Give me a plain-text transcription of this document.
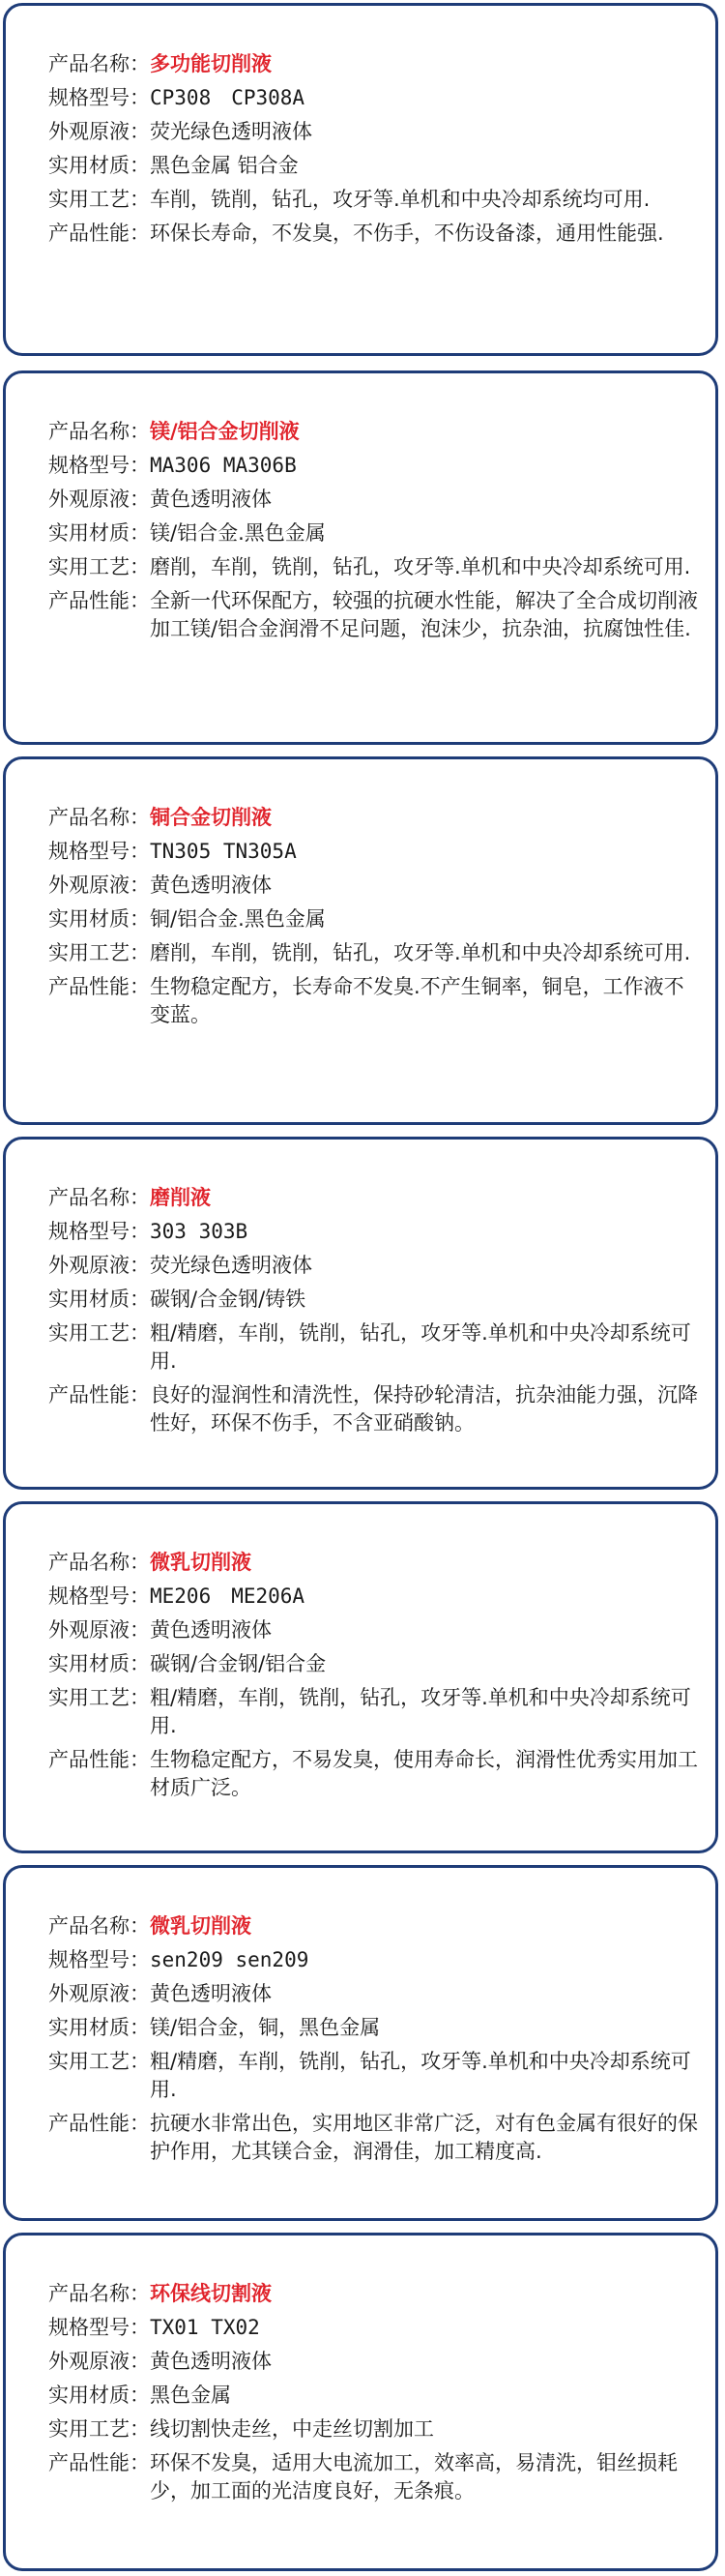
产品名称： 多功能切削液
规格型号： CP308　CP308A
外观原液： 荧光绿色透明液体
实用材质： 黑色金属 铝合金
实用工艺： 车削，铣削，钻孔，攻牙等.单机和中央冷却系统均可用.
产品性能： 环保长寿命，不发臭，不伤手，不伤设备漆，通用性能强.
产品名称： 镁/铝合金切削液
规格型号： MA306 MA306B
外观原液： 黄色透明液体
实用材质： 镁/铝合金.黑色金属
实用工艺： 磨削，车削，铣削，钻孔，攻牙等.单机和中央冷却系统可用.
产品性能： 全新一代环保配方，较强的抗硬水性能，解决了全合成切削液加工镁/铝合金润滑不足问题，泡沫少，抗杂油，抗腐蚀性佳.
产品名称： 铜合金切削液
规格型号： TN305 TN305A
外观原液： 黄色透明液体
实用材质： 铜/铝合金.黑色金属
实用工艺： 磨削，车削，铣削，钻孔，攻牙等.单机和中央冷却系统可用.
产品性能： 生物稳定配方，长寿命不发臭.不产生铜率，铜皂，工作液不变蓝。
产品名称： 磨削液
规格型号： 303 303B
外观原液： 荧光绿色透明液体
实用材质： 碳钢/合金钢/铸铁
实用工艺： 粗/精磨，车削，铣削，钻孔，攻牙等.单机和中央冷却系统可用.
产品性能： 良好的湿润性和清洗性，保持砂轮清洁，抗杂油能力强，沉降性好，环保不伤手，不含亚硝酸钠。
产品名称： 微乳切削液
规格型号： ME206　ME206A
外观原液： 黄色透明液体
实用材质： 碳钢/合金钢/铝合金
实用工艺： 粗/精磨，车削，铣削，钻孔，攻牙等.单机和中央冷却系统可用.
产品性能： 生物稳定配方，不易发臭，使用寿命长，润滑性优秀实用加工材质广泛。
产品名称： 微乳切削液
规格型号： sen209 sen209
外观原液： 黄色透明液体
实用材质： 镁/铝合金，铜，黑色金属
实用工艺： 粗/精磨，车削，铣削，钻孔，攻牙等.单机和中央冷却系统可用.
产品性能： 抗硬水非常出色，实用地区非常广泛，对有色金属有很好的保护作用，尤其镁合金，润滑佳，加工精度高.
产品名称： 环保线切割液
规格型号： TX01 TX02
外观原液： 黄色透明液体
实用材质： 黑色金属
实用工艺： 线切割快走丝，中走丝切割加工
产品性能： 环保不发臭，适用大电流加工，效率高，易清洗，钼丝损耗少，加工面的光洁度良好，无条痕。
